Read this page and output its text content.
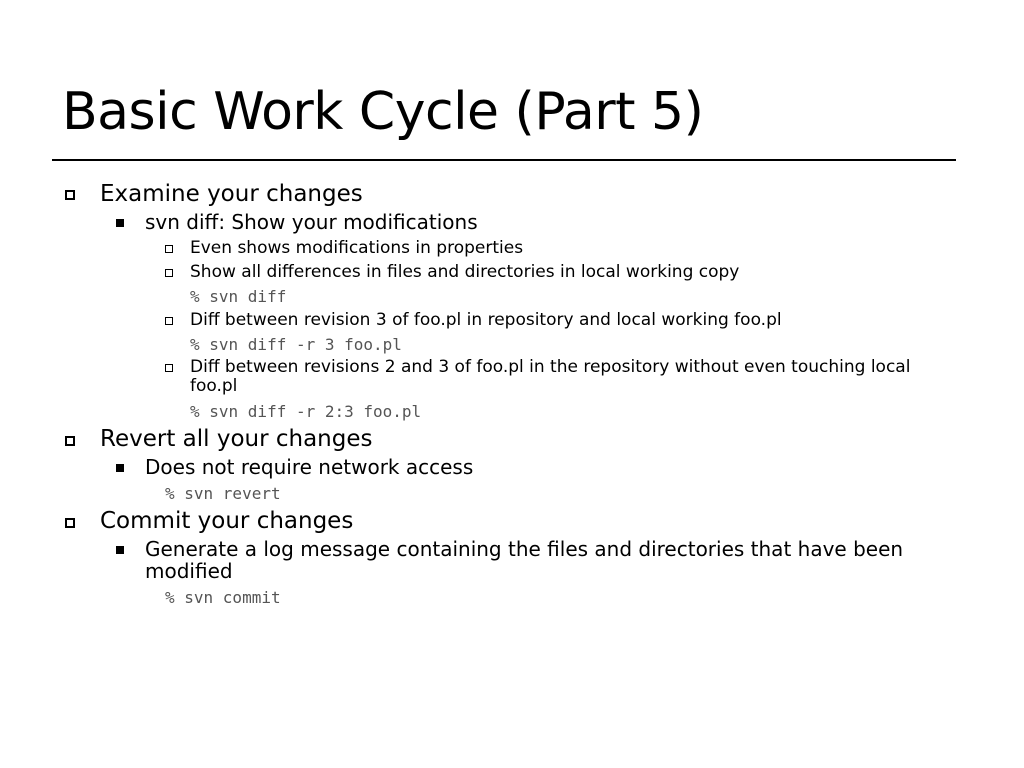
Basic Work Cycle (Part 5)
Examine your changes
svn diff: Show your modifications
Even shows modifications in properties
Show all differences in files and directories in local working copy
% svn diff
Diff between revision 3 of foo.pl in repository and local working foo.pl
% svn diff -r 3 foo.pl
Diff between revisions 2 and 3 of foo.pl in the repository without even touching local foo.pl
% svn diff -r 2:3 foo.pl
Revert all your changes
Does not require network access
% svn revert
Commit your changes
Generate a log message containing the files and directories that have been modified
% svn commit
